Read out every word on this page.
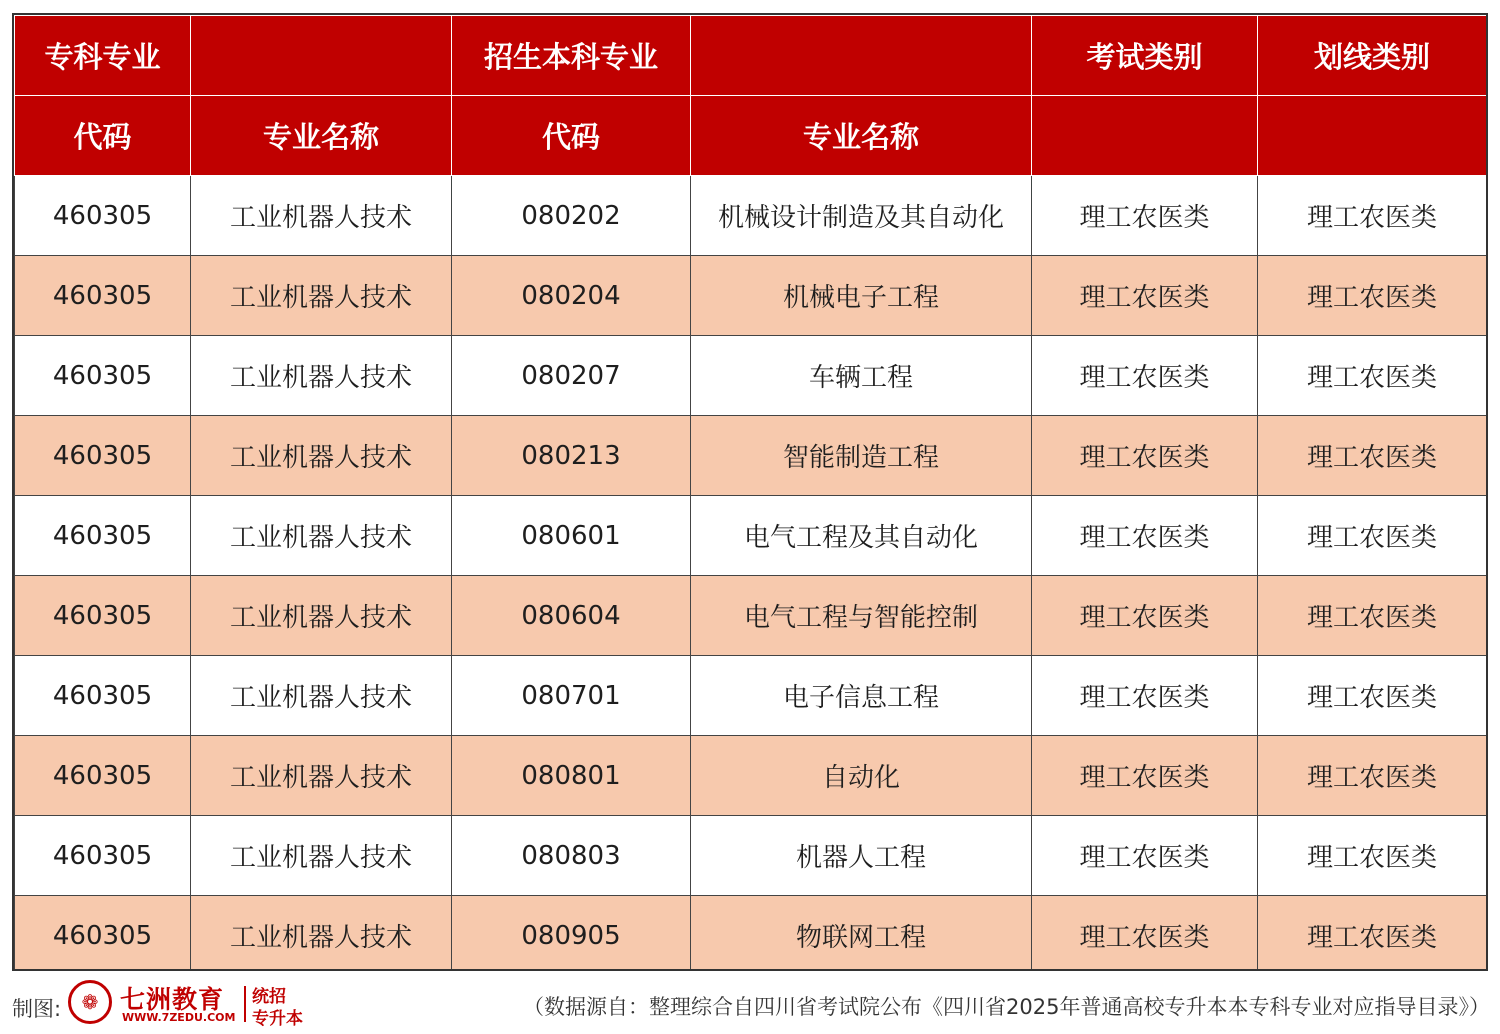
专科专业		招生本科专业		考试类别	划线类别
代码	专业名称	代码	专业名称		
460305	工业机器人技术	080202	机械设计制造及其自动化	理工农医类	理工农医类
460305	工业机器人技术	080204	机械电子工程	理工农医类	理工农医类
460305	工业机器人技术	080207	车辆工程	理工农医类	理工农医类
460305	工业机器人技术	080213	智能制造工程	理工农医类	理工农医类
460305	工业机器人技术	080601	电气工程及其自动化	理工农医类	理工农医类
460305	工业机器人技术	080604	电气工程与智能控制	理工农医类	理工农医类
460305	工业机器人技术	080701	电子信息工程	理工农医类	理工农医类
460305	工业机器人技术	080801	自动化	理工农医类	理工农医类
460305	工业机器人技术	080803	机器人工程	理工农医类	理工农医类
460305	工业机器人技术	080905	物联网工程	理工农医类	理工农医类
制图:	❁ 七洲教育
WWW.7ZEDU.COM
统招
专升本	（数据源自：整理综合自四川省考试院公布《四川省2025年普通高校专升本本专科专业对应指导目录》）
